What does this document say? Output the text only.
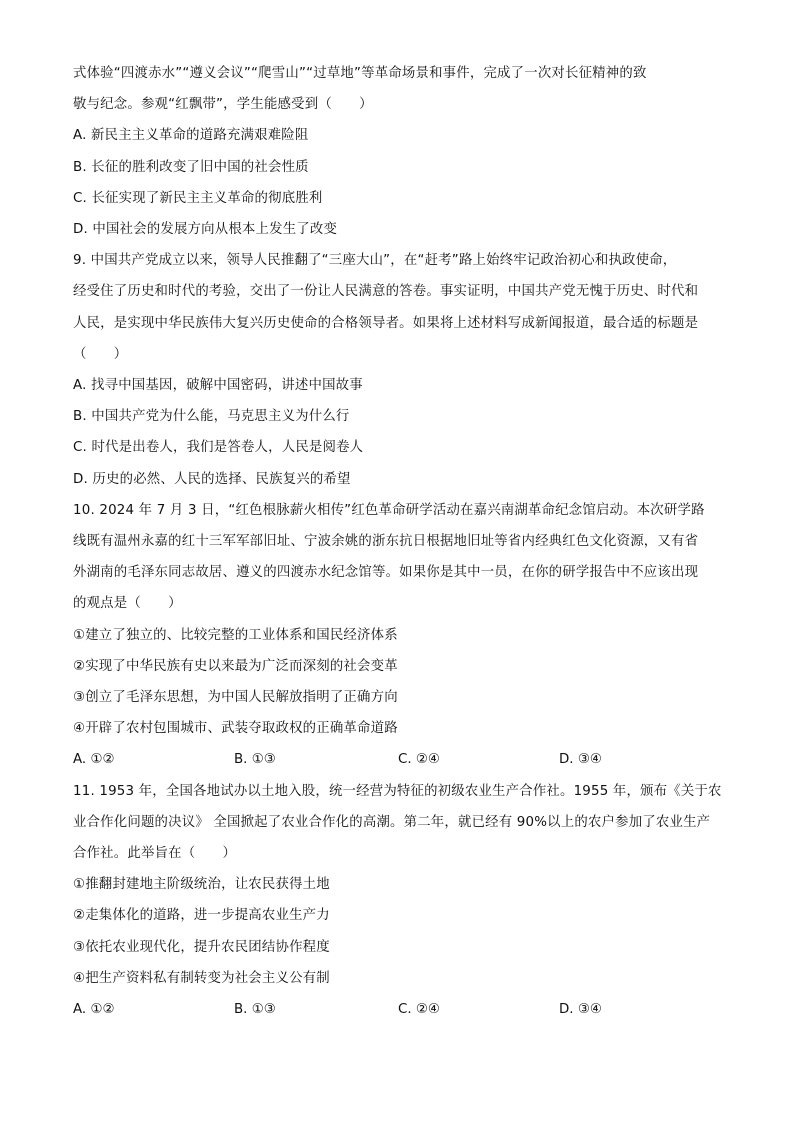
式体验“四渡赤水”“遵义会议”“爬雪山”“过草地”等革命场景和事件，完成了一次对长征精神的致
敬与纪念。参观“红飘带”，学生能感受到（　　）
A. 新民主主义革命的道路充满艰难险阻
B. 长征的胜利改变了旧中国的社会性质
C. 长征实现了新民主主义革命的彻底胜利
D. 中国社会的发展方向从根本上发生了改变
9. 中国共产党成立以来，领导人民推翻了“三座大山”，在“赶考”路上始终牢记政治初心和执政使命，
经受住了历史和时代的考验，交出了一份让人民满意的答卷。事实证明，中国共产党无愧于历史、时代和
人民，是实现中华民族伟大复兴历史使命的合格领导者。如果将上述材料写成新闻报道，最合适的标题是
（　　）
A. 找寻中国基因，破解中国密码，讲述中国故事
B. 中国共产党为什么能，马克思主义为什么行
C. 时代是出卷人，我们是答卷人，人民是阅卷人
D. 历史的必然、人民的选择、民族复兴的希望
10. 2024 年 7 月 3 日，“红色根脉薪火相传”红色革命研学活动在嘉兴南湖革命纪念馆启动。本次研学路
线既有温州永嘉的红十三军军部旧址、宁波余姚的浙东抗日根据地旧址等省内经典红色文化资源，又有省
外湖南的毛泽东同志故居、遵义的四渡赤水纪念馆等。如果你是其中一员，在你的研学报告中不应该出现
的观点是（　　）
①建立了独立的、比较完整的工业体系和国民经济体系
②实现了中华民族有史以来最为广泛而深刻的社会变革
③创立了毛泽东思想，为中国人民解放指明了正确方向
④开辟了农村包围城市、武装夺取政权的正确革命道路
A. ①②	B. ①③	C. ②④	D. ③④
11. 1953 年，全国各地试办以土地入股，统一经营为特征的初级农业生产合作社。1955 年，颁布《关于农
业合作化问题的决议》 全国掀起了农业合作化的高潮。第二年，就已经有 90%以上的农户参加了农业生产
合作社。此举旨在（　　）
①推翻封建地主阶级统治，让农民获得土地
②走集体化的道路，进一步提高农业生产力
③依托农业现代化，提升农民团结协作程度
④把生产资料私有制转变为社会主义公有制
A. ①②	B. ①③	C. ②④	D. ③④
